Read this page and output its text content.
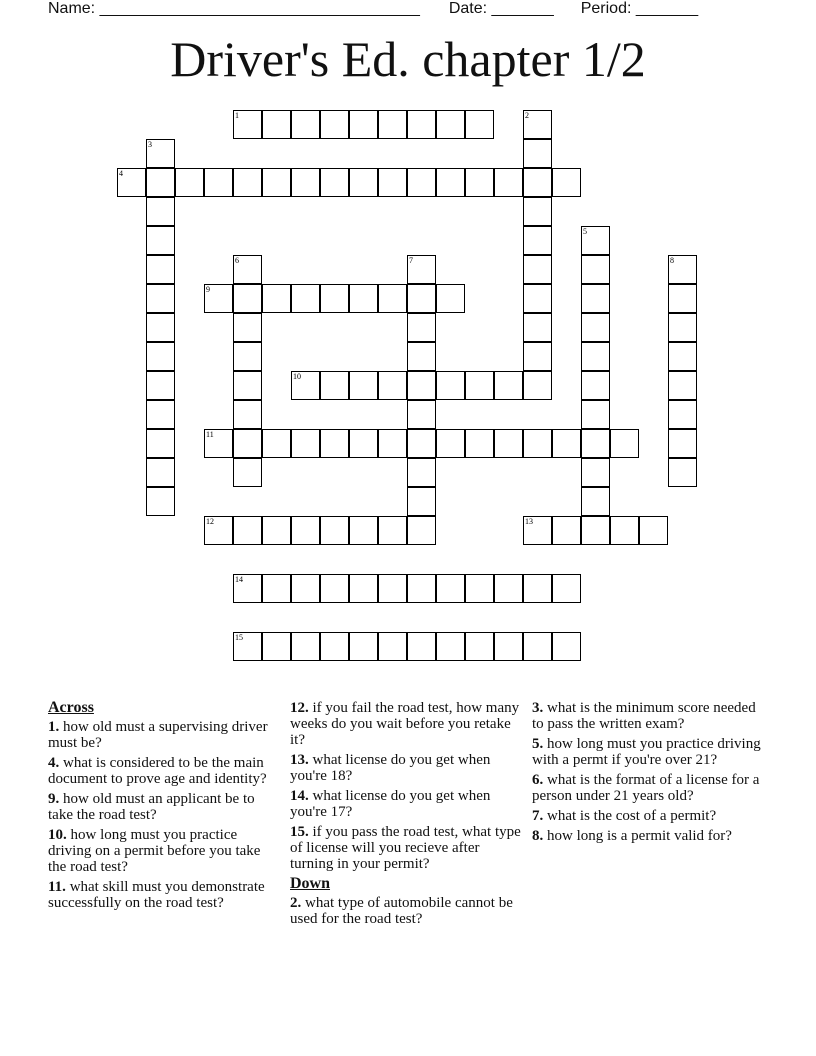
Name: ____________________________________ Date: _______ Period: _______
Driver's Ed. chapter 1/2
1	2
3
4
5
6	7	8
9
10
11
12	13
14
15
Across
1. how old must a supervising driver must be?
4. what is considered to be the main document to prove age and identity?
9. how old must an applicant be to take the road test?
10. how long must you practice driving on a permit before you take the road test?
11. what skill must you demonstrate successfully on the road test?
12. if you fail the road test, how many weeks do you wait before you retake it?
13. what license do you get when you're 18?
14. what license do you get when you're 17?
15. if you pass the road test, what type of license will you recieve after turning in your permit?
Down
2. what type of automobile cannot be used for the road test?
3. what is the minimum score needed to pass the written exam?
5. how long must you practice driving with a permt if you're over 21?
6. what is the format of a license for a person under 21 years old?
7. what is the cost of a permit?
8. how long is a permit valid for?
